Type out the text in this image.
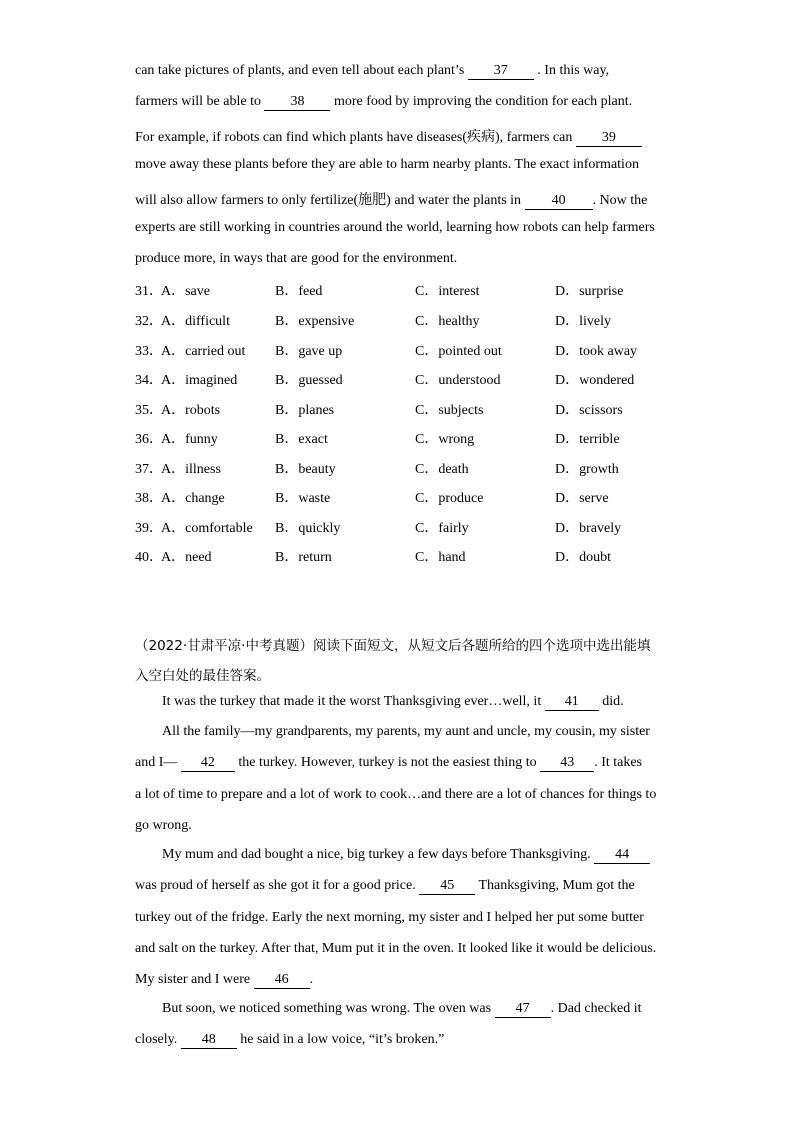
can take pictures of plants, and even tell about each plant’s 37 . In this way,
farmers will be able to 38 more food by improving the condition for each plant.
For example, if robots can find which plants have diseases(疾病), farmers can 39
move away these plants before they are able to harm nearby plants. The exact information
will also allow farmers to only fertilize(施肥) and water the plants in 40 . Now the
experts are still working in countries around the world, learning how robots can help farmers
produce more, in ways that are good for the environment.
31．
A．save	B．feed	C．interest	D．surprise
32．
A．difficult	B．expensive	C．healthy	D．lively
33．
A．carried out B．gave up	C．pointed out	D．took away
34．
A．imagined	B．guessed	C．understood	D．wondered
35．
A．robots	B．planes	C．subjects	D．scissors
36．
A．funny	B．exact	C．wrong	D．terrible
37．
A．illness	B．beauty	C．death	D．growth
38．
A．change	B．waste	C．produce	D．serve
39．
A．comfortable B．quickly	C．fairly	D．bravely
40．
A．need	B．return	C．hand	D．doubt
（2022·甘肃平凉·中考真题）阅读下面短文，从短文后各题所给的四个选项中选出能填
入空白处的最佳答案。
It was the turkey that made it the worst Thanksgiving ever…well, it 41 did.
All the family—my grandparents, my parents, my aunt and uncle, my cousin, my sister
and I— 42 the turkey. However, turkey is not the easiest thing to 43 . It takes
a lot of time to prepare and a lot of work to cook…and there are a lot of chances for things to
go wrong.
My mum and dad bought a nice, big turkey a few days before Thanksgiving. 44
was proud of herself as she got it for a good price. 45 Thanksgiving, Mum got the
turkey out of the fridge. Early the next morning, my sister and I helped her put some butter
and salt on the turkey. After that, Mum put it in the oven. It looked like it would be delicious.
My sister and I were 46 .
But soon, we noticed something was wrong. The oven was 47 . Dad checked it
closely. 48 he said in a low voice, “it’s broken.”
